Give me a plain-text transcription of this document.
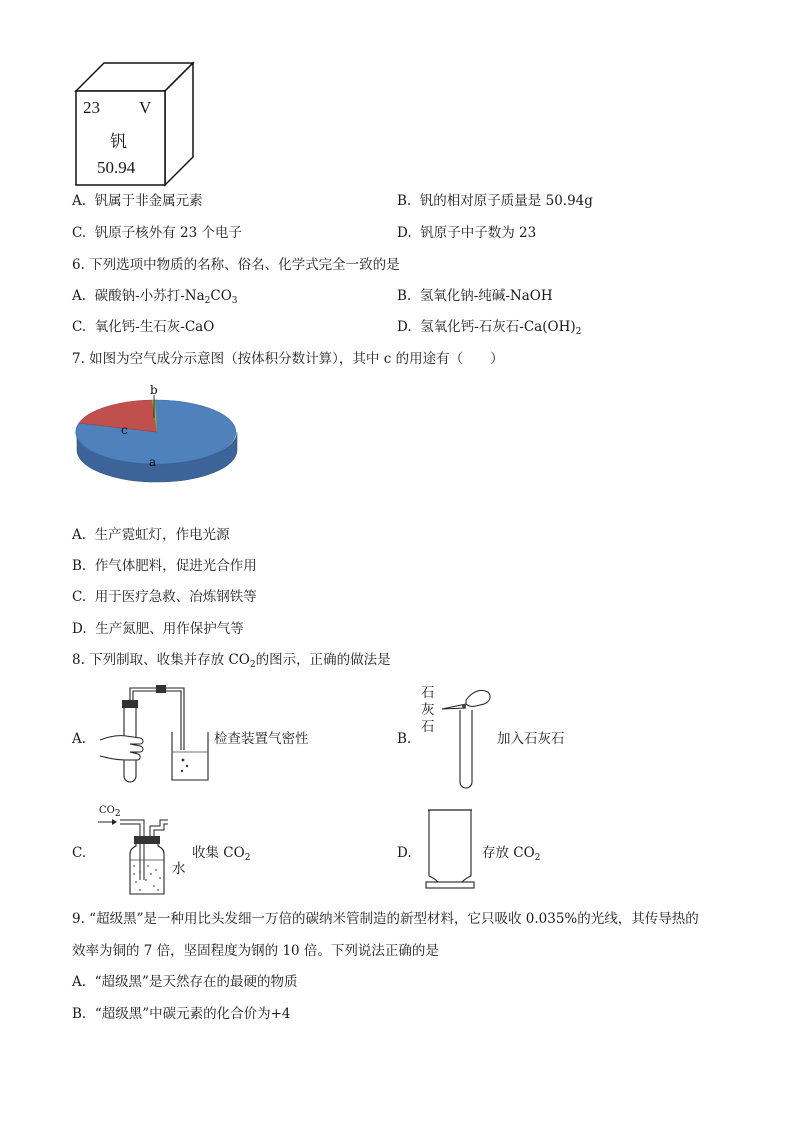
23 V
钒
50.94
A. 钒属于非金属元素	B. 钒的相对原子质量是 50.94g
C. 钒原子核外有 23 个电子	D. 钒原子中子数为 23
6. 下列选项中物质的名称、俗名、化学式完全一致的是
A. 碳酸钠-小苏打$-Na_2CO_3$	B. 氢氧化钠-纯碱-NaOH
C. 氧化钙-生石灰-CaO	D. 氢氧化钙-石灰石$-Ca(OH)_2$
7. 如图为空气成分示意图（按体积分数计算），其中 c 的用途有（　　）
b
c
a
A. 生产霓虹灯，作电光源
B. 作气体肥料，促进光合作用
C. 用于医疗急救、冶炼钢铁等
D. 生产氮肥、用作保护气等
8. 下列制取、收集并存放 $CO_2$的图示，正确的做法是
A.	检查装置气密性	B.
石
灰
石
加入石灰石
C.
$CO_2$
水
收集 $CO_2$	D.	存放 $CO_2$
9. “超级黑”是一种用比头发细一万倍的碳纳米管制造的新型材料，它只吸收 0.035%的光线，其传导热的
效率为铜的 7 倍，坚固程度为钢的 10 倍。下列说法正确的是
A. “超级黑”是天然存在的最硬的物质
B. “超级黑”中碳元素的化合价为+4
